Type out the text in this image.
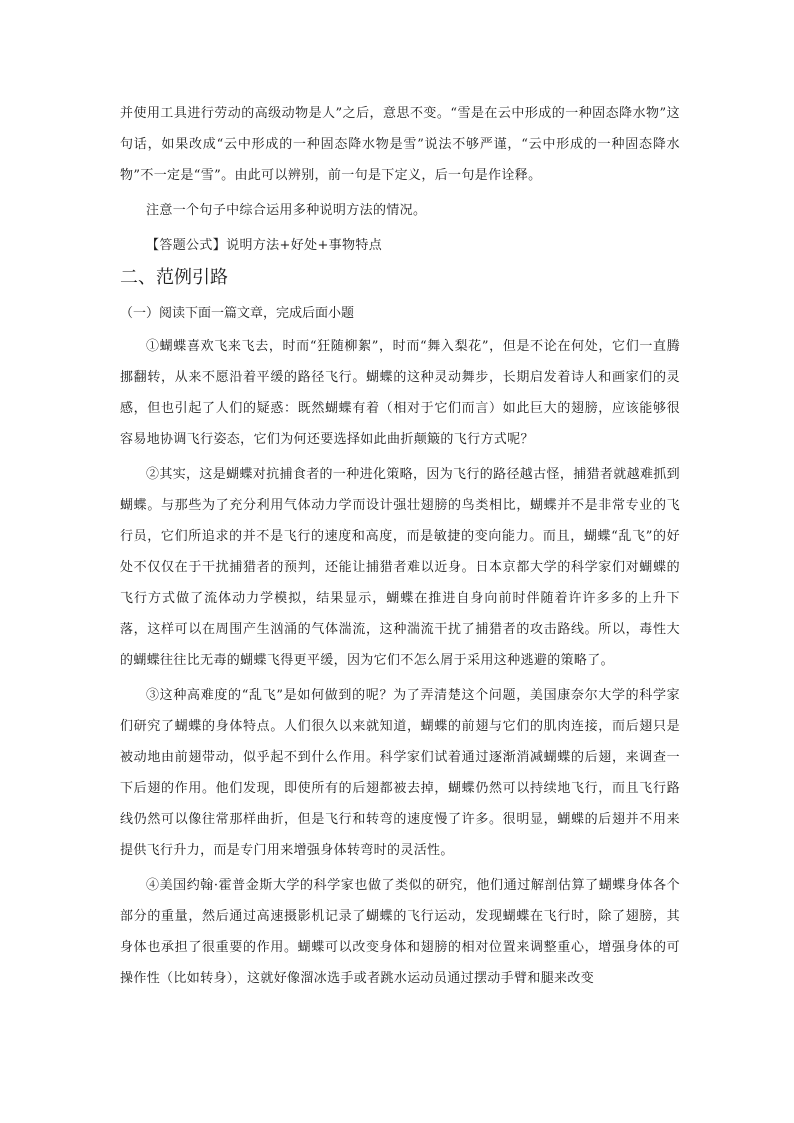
并使用工具进行劳动的高级动物是人”之后，意思不变。“雪是在云中形成的一种固态降水物”这句话，如果改成“云中形成的一种固态降水物是雪”说法不够严谨，“云中形成的一种固态降水物”不一定是“雪”。由此可以辨别，前一句是下定义，后一句是作诠释。

注意一个句子中综合运用多种说明方法的情况。

【答题公式】说明方法+好处+事物特点

二、范例引路
（一）阅读下面一篇文章，完成后面小题

①蝴蝶喜欢飞来飞去，时而“狂随柳絮”，时而“舞入梨花”，但是不论在何处，它们一直腾挪翻转，从来不愿沿着平缓的路径飞行。蝴蝶的这种灵动舞步，长期启发着诗人和画家们的灵感，但也引起了人们的疑惑：既然蝴蝶有着（相对于它们而言）如此巨大的翅膀，应该能够很容易地协调飞行姿态，它们为何还要选择如此曲折颠簸的飞行方式呢？

②其实，这是蝴蝶对抗捕食者的一种进化策略，因为飞行的路径越古怪，捕猎者就越难抓到蝴蝶。与那些为了充分利用气体动力学而设计强壮翅膀的鸟类相比，蝴蝶并不是非常专业的飞行员，它们所追求的并不是飞行的速度和高度，而是敏捷的变向能力。而且，蝴蝶“乱飞”的好处不仅仅在于干扰捕猎者的预判，还能让捕猎者难以近身。日本京都大学的科学家们对蝴蝶的飞行方式做了流体动力学模拟，结果显示，蝴蝶在推进自身向前时伴随着许许多多的上升下落，这样可以在周围产生汹涌的气体湍流，这种湍流干扰了捕猎者的攻击路线。所以，毒性大的蝴蝶往往比无毒的蝴蝶飞得更平缓，因为它们不怎么屑于采用这种逃避的策略了。

③这种高难度的“乱飞”是如何做到的呢？为了弄清楚这个问题，美国康奈尔大学的科学家们研究了蝴蝶的身体特点。人们很久以来就知道，蝴蝶的前翅与它们的肌肉连接，而后翅只是被动地由前翅带动，似乎起不到什么作用。科学家们试着通过逐渐消减蝴蝶的后翅，来调查一下后翅的作用。他们发现，即使所有的后翅都被去掉，蝴蝶仍然可以持续地飞行，而且飞行路线仍然可以像往常那样曲折，但是飞行和转弯的速度慢了许多。很明显，蝴蝶的后翅并不用来提供飞行升力，而是专门用来增强身体转弯时的灵活性。

④美国约翰·霍普金斯大学的科学家也做了类似的研究，他们通过解剖估算了蝴蝶身体各个部分的重量，然后通过高速摄影机记录了蝴蝶的飞行运动，发现蝴蝶在飞行时，除了翅膀，其身体也承担了很重要的作用。蝴蝶可以改变身体和翅膀的相对位置来调整重心，增强身体的可操作性（比如转身），这就好像溜冰选手或者跳水运动员通过摆动手臂和腿来改变
